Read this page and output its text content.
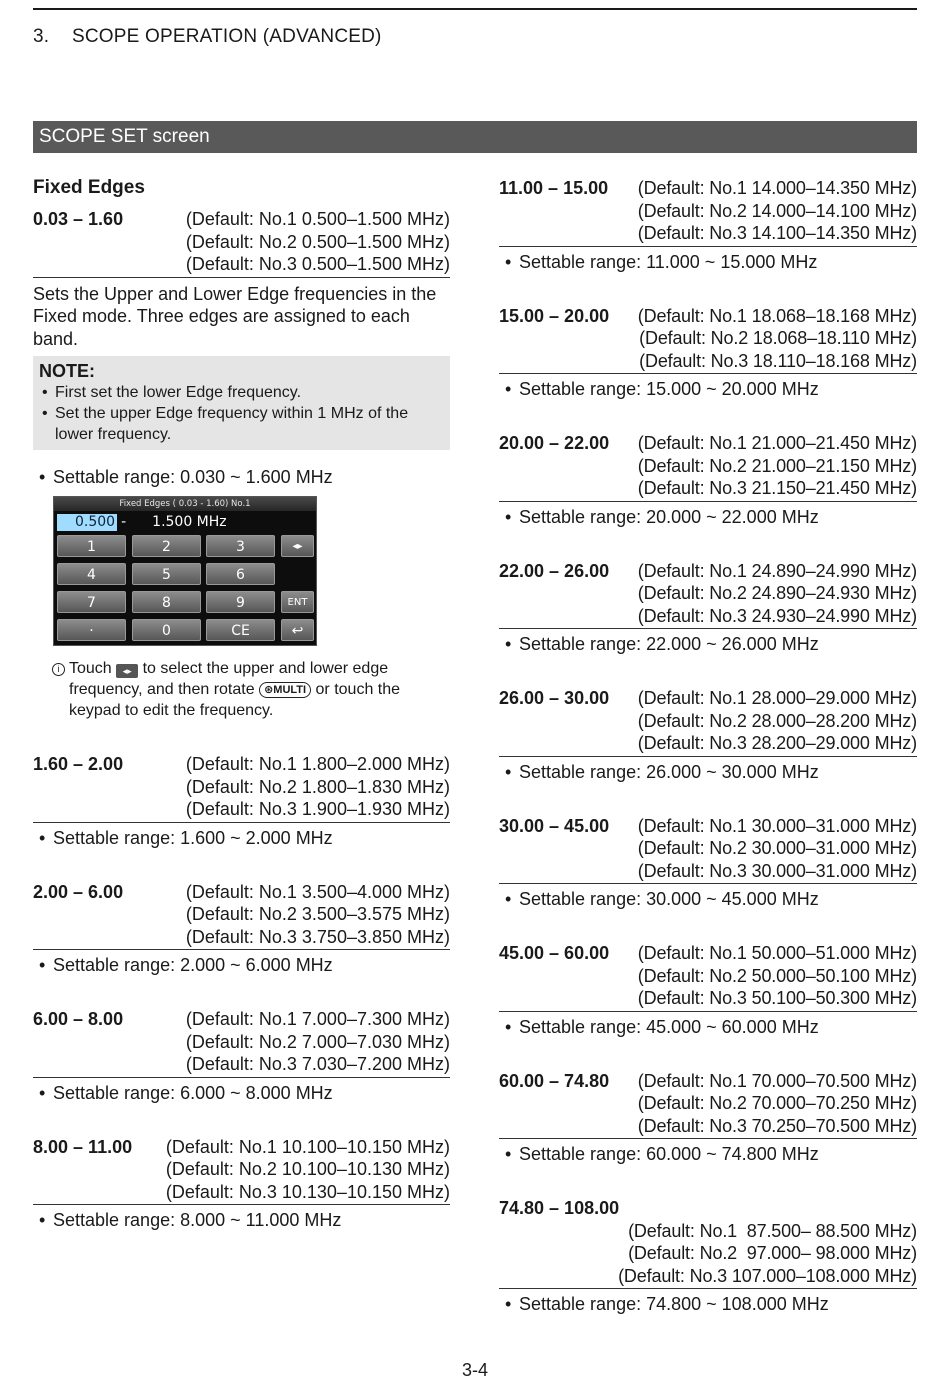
3. SCOPE OPERATION (ADVANCED)
SCOPE SET screen
Fixed Edges
0.03 – 1.60	(Default: No.1 0.500–1.500 MHz)
(Default: No.2 0.500–1.500 MHz)
(Default: No.3 0.500–1.500 MHz)
Sets the Upper and Lower Edge frequencies in the Fixed mode. Three edges are assigned to each band.
NOTE:
• First set the lower Edge frequency.
• Set the upper Edge frequency within 1 MHz of the lower frequency.
• Settable range: 0.030 ~ 1.600 MHz
Fixed Edges ( 0.03 - 1.60) No.1
0.500 - 1.500 MHz
1	2	3	◂▸
4	5	6
7	8	9	ENT
·	0	CE	↩
i Touch ◂▸ to select the upper and lower edge frequency, and then rotate ⊛MULTI or touch the keypad to edit the frequency.
1.60 – 2.00	(Default: No.1 1.800–2.000 MHz)
(Default: No.2 1.800–1.830 MHz)
(Default: No.3 1.900–1.930 MHz)
• Settable range: 1.600 ~ 2.000 MHz
2.00 – 6.00	(Default: No.1 3.500–4.000 MHz)
(Default: No.2 3.500–3.575 MHz)
(Default: No.3 3.750–3.850 MHz)
• Settable range: 2.000 ~ 6.000 MHz
6.00 – 8.00	(Default: No.1 7.000–7.300 MHz)
(Default: No.2 7.000–7.030 MHz)
(Default: No.3 7.030–7.200 MHz)
• Settable range: 6.000 ~ 8.000 MHz
8.00 – 11.00	(Default: No.1 10.100–10.150 MHz)
(Default: No.2 10.100–10.130 MHz)
(Default: No.3 10.130–10.150 MHz)
• Settable range: 8.000 ~ 11.000 MHz
11.00 – 15.00	(Default: No.1 14.000–14.350 MHz)
(Default: No.2 14.000–14.100 MHz)
(Default: No.3 14.100–14.350 MHz)
• Settable range: 11.000 ~ 15.000 MHz
15.00 – 20.00	(Default: No.1 18.068–18.168 MHz)
(Default: No.2 18.068–18.110 MHz)
(Default: No.3 18.110–18.168 MHz)
• Settable range: 15.000 ~ 20.000 MHz
20.00 – 22.00	(Default: No.1 21.000–21.450 MHz)
(Default: No.2 21.000–21.150 MHz)
(Default: No.3 21.150–21.450 MHz)
• Settable range: 20.000 ~ 22.000 MHz
22.00 – 26.00	(Default: No.1 24.890–24.990 MHz)
(Default: No.2 24.890–24.930 MHz)
(Default: No.3 24.930–24.990 MHz)
• Settable range: 22.000 ~ 26.000 MHz
26.00 – 30.00	(Default: No.1 28.000–29.000 MHz)
(Default: No.2 28.000–28.200 MHz)
(Default: No.3 28.200–29.000 MHz)
• Settable range: 26.000 ~ 30.000 MHz
30.00 – 45.00	(Default: No.1 30.000–31.000 MHz)
(Default: No.2 30.000–31.000 MHz)
(Default: No.3 30.000–31.000 MHz)
• Settable range: 30.000 ~ 45.000 MHz
45.00 – 60.00	(Default: No.1 50.000–51.000 MHz)
(Default: No.2 50.000–50.100 MHz)
(Default: No.3 50.100–50.300 MHz)
• Settable range: 45.000 ~ 60.000 MHz
60.00 – 74.80	(Default: No.1 70.000–70.500 MHz)
(Default: No.2 70.000–70.250 MHz)
(Default: No.3 70.250–70.500 MHz)
• Settable range: 60.000 ~ 74.800 MHz
74.80 – 108.00
(Default: No.1  87.500– 88.500 MHz)
(Default: No.2  97.000– 98.000 MHz)
(Default: No.3 107.000–108.000 MHz)
• Settable range: 74.800 ~ 108.000 MHz
3-4
